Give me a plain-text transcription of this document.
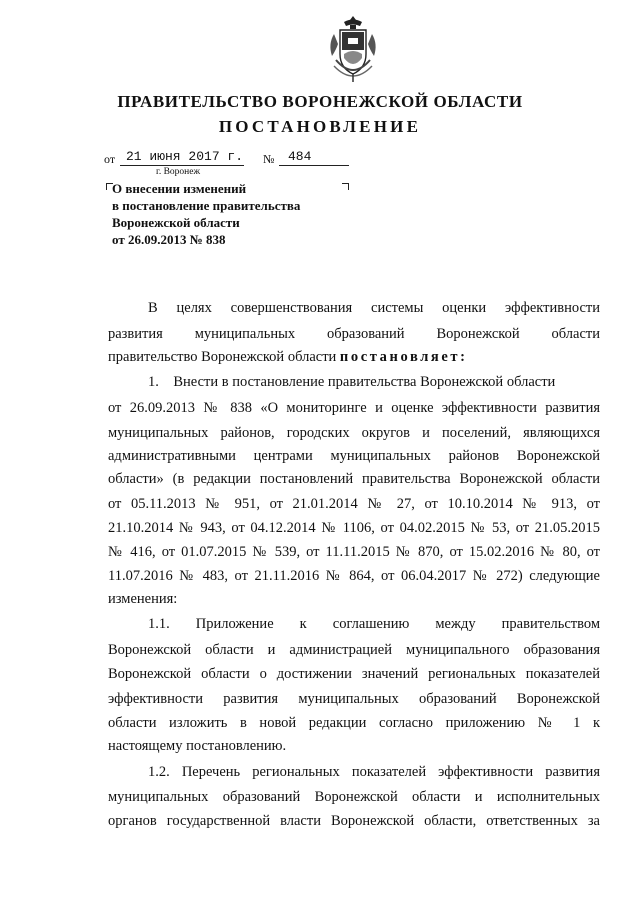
ПРАВИТЕЛЬСТВО ВОРОНЕЖСКОЙ ОБЛАСТИ
ПОСТАНОВЛЕНИЕ
от 21 июня 2017 г. № 484
г. Воронеж
О внесении изменений
в постановление правительства
Воронежской области
от 26.09.2013 № 838
В целях совершенствования системы оценки эффективности
развития муниципальных образований Воронежской области
правительство Воронежской области постановляет:
1.    Внести в постановление правительства Воронежской области
от 26.09.2013 № 838 «О мониторинге и оценке эффективности развития
муниципальных районов, городских округов и поселений, являющихся
административными центрами муниципальных районов Воронежской
области» (в редакции постановлений правительства Воронежской области
от 05.11.2013 № 951, от 21.01.2014 № 27, от 10.10.2014 № 913, от
21.10.2014 № 943, от 04.12.2014 № 1106, от 04.02.2015 № 53, от 21.05.2015
№ 416, от 01.07.2015 № 539, от 11.11.2015 № 870, от 15.02.2016 № 80, от
11.07.2016 № 483, от 21.11.2016 № 864, от 06.04.2017 № 272) следующие
изменения:
1.1. Приложение к соглашению между правительством
Воронежской области и администрацией муниципального образования
Воронежской области о достижении значений региональных показателей
эффективности развития муниципальных образований Воронежской
области изложить в новой редакции согласно приложению № 1 к
настоящему постановлению.
1.2. Перечень региональных показателей эффективности развития
муниципальных образований Воронежской области и исполнительных
органов государственной власти Воронежской области, ответственных за
